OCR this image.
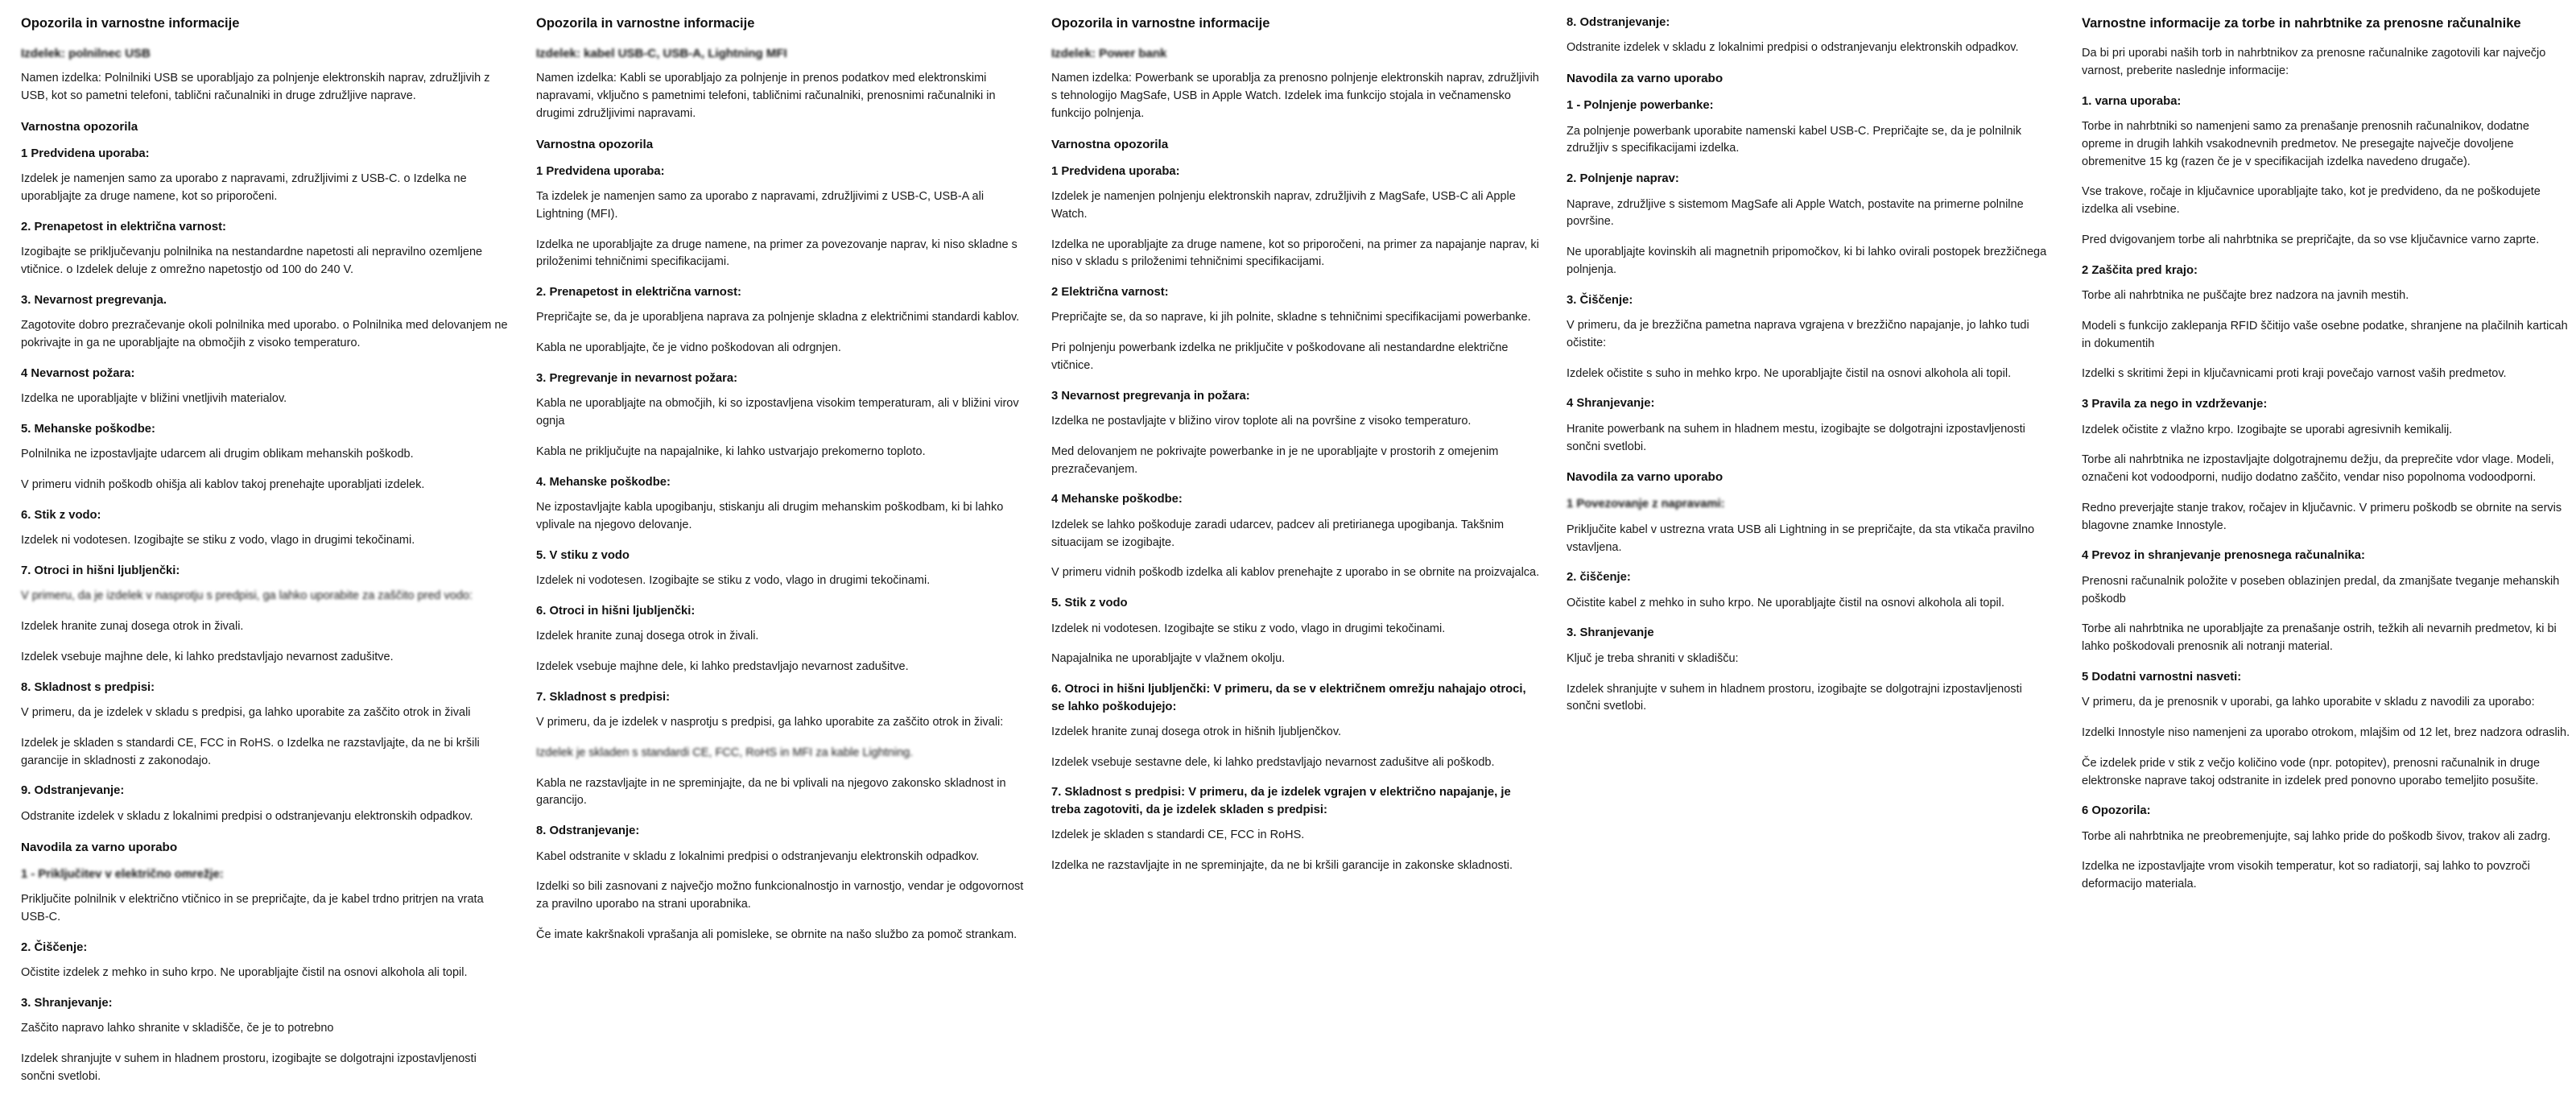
Opozorila in varnostne informacije
Izdelek: polnilnec USB
Namen izdelka: Polnilniki USB se uporabljajo za polnjenje elektronskih naprav, združljivih z USB, kot so pametni telefoni, tablični računalniki in druge združljive naprave.
Varnostna opozorila
1 Predvidena uporaba:
Izdelek je namenjen samo za uporabo z napravami, združljivimi z USB-C. o Izdelka ne uporabljajte za druge namene, kot so priporočeni.
2. Prenapetost in električna varnost:
Izogibajte se priključevanju polnilnika na nestandardne napetosti ali nepravilno ozemljene vtičnice. o Izdelek deluje z omrežno napetostjo od 100 do 240 V.
3. Nevarnost pregrevanja.
Zagotovite dobro prezračevanje okoli polnilnika med uporabo. o Polnilnika med delovanjem ne pokrivajte in ga ne uporabljajte na območjih z visoko temperaturo.
4 Nevarnost požara:
Izdelka ne uporabljajte v bližini vnetljivih materialov.
5. Mehanske poškodbe:
Polnilnika ne izpostavljajte udarcem ali drugim oblikam mehanskih poškodb.
V primeru vidnih poškodb ohišja ali kablov takoj prenehajte uporabljati izdelek.
6. Stik z vodo:
Izdelek ni vodotesen. Izogibajte se stiku z vodo, vlago in drugimi tekočinami.
7. Otroci in hišni ljubljenčki:
V primeru, da je izdelek v nasprotju s predpisi, ga lahko uporabite za zaščito pred vodo:
Izdelek hranite zunaj dosega otrok in živali.
Izdelek vsebuje majhne dele, ki lahko predstavljajo nevarnost zadušitve.
8. Skladnost s predpisi:
V primeru, da je izdelek v skladu s predpisi, ga lahko uporabite za zaščito otrok in živali
Izdelek je skladen s standardi CE, FCC in RoHS. o Izdelka ne razstavljajte, da ne bi kršili garancije in skladnosti z zakonodajo.
9. Odstranjevanje:
Odstranite izdelek v skladu z lokalnimi predpisi o odstranjevanju elektronskih odpadkov.
Navodila za varno uporabo
1 - Priključitev v električno omrežje:
Priključite polnilnik v električno vtičnico in se prepričajte, da je kabel trdno pritrjen na vrata USB-C.
2. Čiščenje:
Očistite izdelek z mehko in suho krpo. Ne uporabljajte čistil na osnovi alkohola ali topil.
3. Shranjevanje:
Zaščito napravo lahko shranite v skladišče, če je to potrebno
Izdelek shranjujte v suhem in hladnem prostoru, izogibajte se dolgotrajni izpostavljenosti sončni svetlobi.
Opozorila in varnostne informacije
Izdelek: kabel USB-C, USB-A, Lightning MFI
Namen izdelka: Kabli se uporabljajo za polnjenje in prenos podatkov med elektronskimi napravami, vključno s pametnimi telefoni, tabličnimi računalniki, prenosnimi računalniki in drugimi združljivimi napravami.
Varnostna opozorila
1 Predvidena uporaba:
Ta izdelek je namenjen samo za uporabo z napravami, združljivimi z USB-C, USB-A ali Lightning (MFI).
Izdelka ne uporabljajte za druge namene, na primer za povezovanje naprav, ki niso skladne s priloženimi tehničnimi specifikacijami.
2. Prenapetost in električna varnost:
Prepričajte se, da je uporabljena naprava za polnjenje skladna z električnimi standardi kablov.
Kabla ne uporabljajte, če je vidno poškodovan ali odrgnjen.
3. Pregrevanje in nevarnost požara:
Kabla ne uporabljajte na območjih, ki so izpostavljena visokim temperaturam, ali v bližini virov ognja
Kabla ne priključujte na napajalnike, ki lahko ustvarjajo prekomerno toploto.
4. Mehanske poškodbe:
Ne izpostavljajte kabla upogibanju, stiskanju ali drugim mehanskim poškodbam, ki bi lahko vplivale na njegovo delovanje.
5. V stiku z vodo
Izdelek ni vodotesen. Izogibajte se stiku z vodo, vlago in drugimi tekočinami.
6. Otroci in hišni ljubljenčki:
Izdelek hranite zunaj dosega otrok in živali.
Izdelek vsebuje majhne dele, ki lahko predstavljajo nevarnost zadušitve.
7. Skladnost s predpisi:
V primeru, da je izdelek v nasprotju s predpisi, ga lahko uporabite za zaščito otrok in živali:
Izdelek je skladen s standardi CE, FCC, RoHS in MFI za kable Lightning.
Kabla ne razstavljajte in ne spreminjajte, da ne bi vplivali na njegovo zakonsko skladnost in garancijo.
8. Odstranjevanje:
Kabel odstranite v skladu z lokalnimi predpisi o odstranjevanju elektronskih odpadkov.
Izdelki so bili zasnovani z največjo možno funkcionalnostjo in varnostjo, vendar je odgovornost za pravilno uporabo na strani uporabnika.
Če imate kakršnakoli vprašanja ali pomisleke, se obrnite na našo službo za pomoč strankam.
Opozorila in varnostne informacije
Izdelek: Power bank
Namen izdelka: Powerbank se uporablja za prenosno polnjenje elektronskih naprav, združljivih s tehnologijo MagSafe, USB in Apple Watch. Izdelek ima funkcijo stojala in večnamensko funkcijo polnjenja.
Varnostna opozorila
1 Predvidena uporaba:
Izdelek je namenjen polnjenju elektronskih naprav, združljivih z MagSafe, USB-C ali Apple Watch.
Izdelka ne uporabljajte za druge namene, kot so priporočeni, na primer za napajanje naprav, ki niso v skladu s priloženimi tehničnimi specifikacijami.
2 Električna varnost:
Prepričajte se, da so naprave, ki jih polnite, skladne s tehničnimi specifikacijami powerbanke.
Pri polnjenju powerbank izdelka ne priključite v poškodovane ali nestandardne električne vtičnice.
3 Nevarnost pregrevanja in požara:
Izdelka ne postavljajte v bližino virov toplote ali na površine z visoko temperaturo.
Med delovanjem ne pokrivajte powerbanke in je ne uporabljajte v prostorih z omejenim prezračevanjem.
4 Mehanske poškodbe:
Izdelek se lahko poškoduje zaradi udarcev, padcev ali pretirianega upogibanja. Takšnim situacijam se izogibajte.
V primeru vidnih poškodb izdelka ali kablov prenehajte z uporabo in se obrnite na proizvajalca.
5. Stik z vodo
Izdelek ni vodotesen. Izogibajte se stiku z vodo, vlago in drugimi tekočinami.
Napajalnika ne uporabljajte v vlažnem okolju.
6. Otroci in hišni ljubljenčki: V primeru, da se v električnem omrežju nahajajo otroci, se lahko poškodujejo:
Izdelek hranite zunaj dosega otrok in hišnih ljubljenčkov.
Izdelek vsebuje sestavne dele, ki lahko predstavljajo nevarnost zadušitve ali poškodb.
7. Skladnost s predpisi: V primeru, da je izdelek vgrajen v električno napajanje, je treba zagotoviti, da je izdelek skladen s predpisi:
Izdelek je skladen s standardi CE, FCC in RoHS.
Izdelka ne razstavljajte in ne spreminjajte, da ne bi kršili garancije in zakonske skladnosti.
8. Odstranjevanje:
Odstranite izdelek v skladu z lokalnimi predpisi o odstranjevanju elektronskih odpadkov.
Navodila za varno uporabo
1 - Polnjenje powerbanke:
Za polnjenje powerbank uporabite namenski kabel USB-C. Prepričajte se, da je polnilnik združljiv s specifikacijami izdelka.
2. Polnjenje naprav:
Naprave, združljive s sistemom MagSafe ali Apple Watch, postavite na primerne polnilne površine.
Ne uporabljajte kovinskih ali magnetnih pripomočkov, ki bi lahko ovirali postopek brezžičnega polnjenja.
3. Čiščenje:
V primeru, da je brezžična pametna naprava vgrajena v brezžično napajanje, jo lahko tudi očistite:
Izdelek očistite s suho in mehko krpo. Ne uporabljajte čistil na osnovi alkohola ali topil.
4 Shranjevanje:
Hranite powerbank na suhem in hladnem mestu, izogibajte se dolgotrajni izpostavljenosti sončni svetlobi.
Navodila za varno uporabo
1 Povezovanje z napravami:
Priključite kabel v ustrezna vrata USB ali Lightning in se prepričajte, da sta vtikača pravilno vstavljena.
2. čiščenje:
Očistite kabel z mehko in suho krpo. Ne uporabljajte čistil na osnovi alkohola ali topil.
3. Shranjevanje
Ključ je treba shraniti v skladišču:
Izdelek shranjujte v suhem in hladnem prostoru, izogibajte se dolgotrajni izpostavljenosti sončni svetlobi.
Varnostne informacije za torbe in nahrbtnike za prenosne računalnike
Da bi pri uporabi naših torb in nahrbtnikov za prenosne računalnike zagotovili kar največjo varnost, preberite naslednje informacije:
1. varna uporaba:
Torbe in nahrbtniki so namenjeni samo za prenašanje prenosnih računalnikov, dodatne opreme in drugih lahkih vsakodnevnih predmetov. Ne presegajte največje dovoljene obremenitve 15 kg (razen če je v specifikacijah izdelka navedeno drugače).
Vse trakove, ročaje in ključavnice uporabljajte tako, kot je predvideno, da ne poškodujete izdelka ali vsebine.
Pred dvigovanjem torbe ali nahrbtnika se prepričajte, da so vse ključavnice varno zaprte.
2 Zaščita pred krajo:
Torbe ali nahrbtnika ne puščajte brez nadzora na javnih mestih.
Modeli s funkcijo zaklepanja RFID ščitijo vaše osebne podatke, shranjene na plačilnih karticah in dokumentih
Izdelki s skritimi žepi in ključavnicami proti kraji povečajo varnost vaših predmetov.
3 Pravila za nego in vzdrževanje:
Izdelek očistite z vlažno krpo. Izogibajte se uporabi agresivnih kemikalij.
Torbe ali nahrbtnika ne izpostavljajte dolgotrajnemu dežju, da preprečite vdor vlage. Modeli, označeni kot vodoodporni, nudijo dodatno zaščito, vendar niso popolnoma vodoodporni.
Redno preverjajte stanje trakov, ročajev in ključavnic. V primeru poškodb se obrnite na servis blagovne znamke Innostyle.
4 Prevoz in shranjevanje prenosnega računalnika:
Prenosni računalnik položite v poseben oblazinjen predal, da zmanjšate tveganje mehanskih poškodb
Torbe ali nahrbtnika ne uporabljajte za prenašanje ostrih, težkih ali nevarnih predmetov, ki bi lahko poškodovali prenosnik ali notranji material.
5 Dodatni varnostni nasveti:
V primeru, da je prenosnik v uporabi, ga lahko uporabite v skladu z navodili za uporabo:
Izdelki Innostyle niso namenjeni za uporabo otrokom, mlajšim od 12 let, brez nadzora odraslih.
Če izdelek pride v stik z večjo količino vode (npr. potopitev), prenosni računalnik in druge elektronske naprave takoj odstranite in izdelek pred ponovno uporabo temeljito posušite.
6 Opozorila:
Torbe ali nahrbtnika ne preobremenjujte, saj lahko pride do poškodb šivov, trakov ali zadrg.
Izdelka ne izpostavljajte vrom visokih temperatur, kot so radiatorji, saj lahko to povzroči deformacijo materiala.
